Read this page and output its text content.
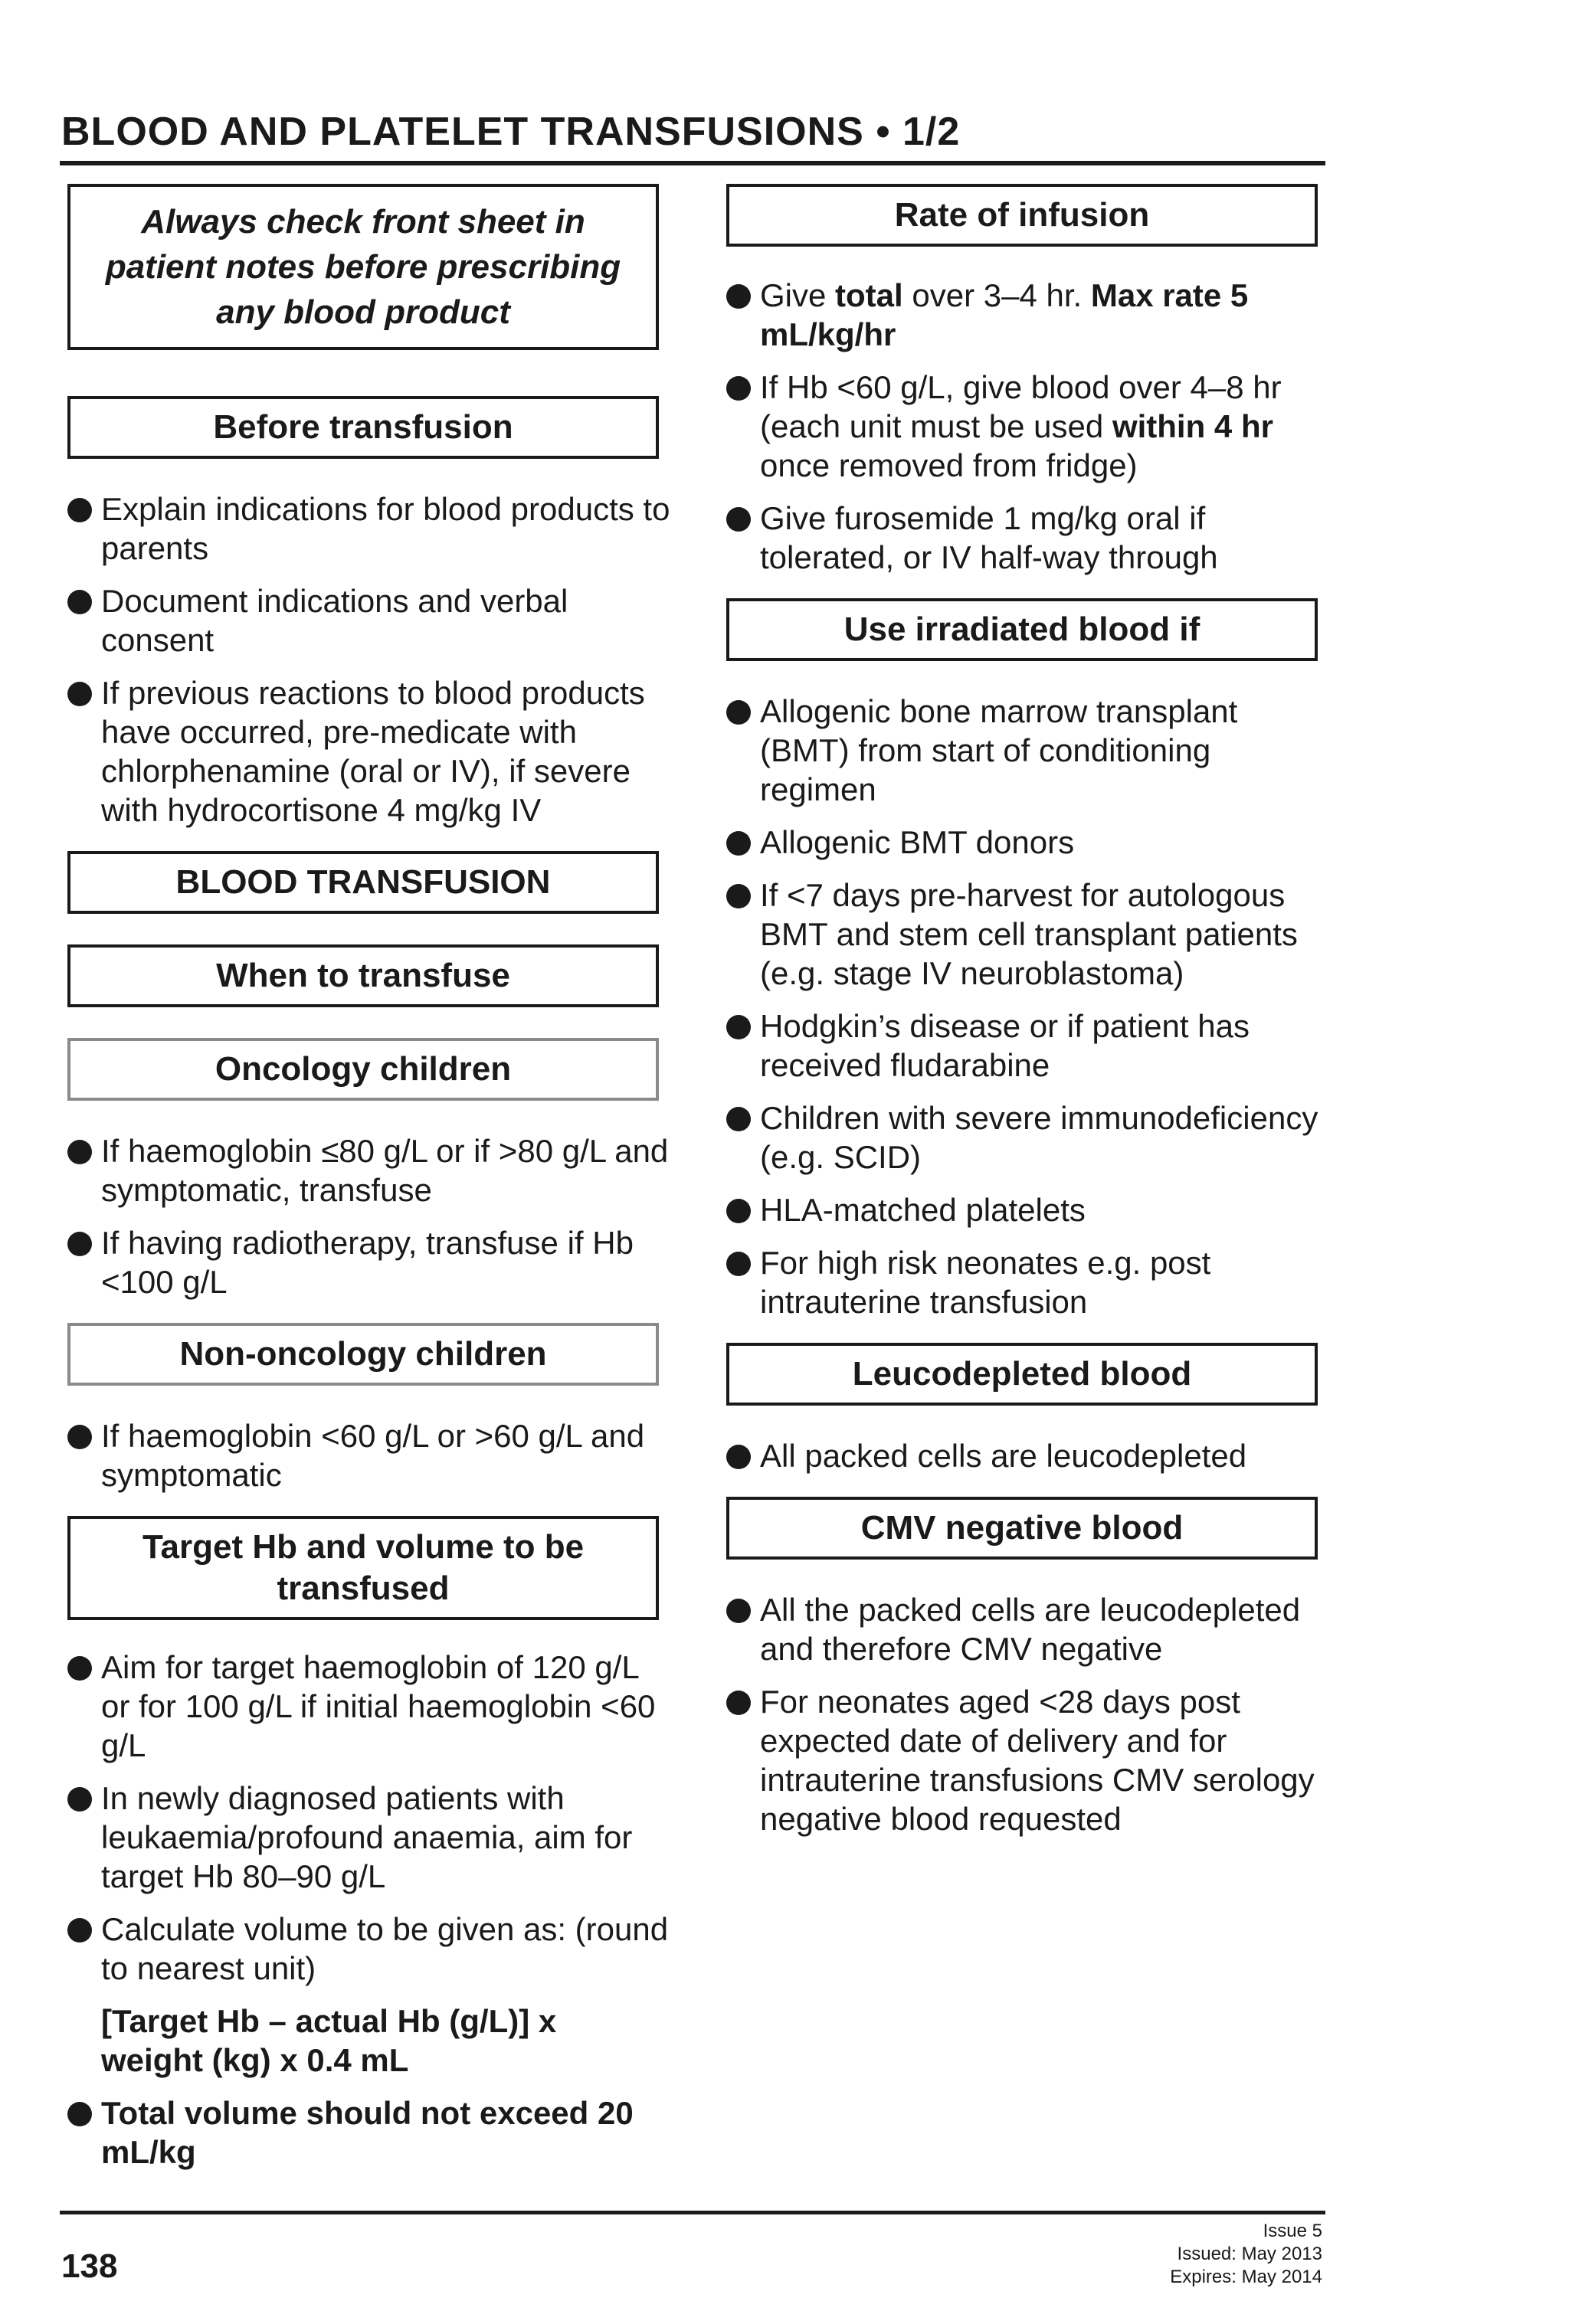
BLOOD AND PLATELET TRANSFUSIONS • 1/2
Always check front sheet in patient notes before prescribing any blood product
Before transfusion
Explain indications for blood products to parents
Document indications and verbal consent
If previous reactions to blood products have occurred, pre-medicate with chlorphenamine (oral or IV), if severe with hydrocortisone 4 mg/kg IV
BLOOD TRANSFUSION
When to transfuse
Oncology children
If haemoglobin ≤80 g/L or if >80 g/L and symptomatic, transfuse
If having radiotherapy, transfuse if Hb <100 g/L
Non-oncology children
If haemoglobin <60 g/L or >60 g/L and symptomatic
Target Hb and volume to be transfused
Aim for target haemoglobin of 120 g/L or for 100 g/L if initial haemoglobin <60 g/L
In newly diagnosed patients with leukaemia/profound anaemia, aim for target Hb 80–90 g/L
Calculate volume to be given as: (round to nearest unit)
[Target Hb – actual Hb (g/L)] x
weight (kg) x 0.4 mL
Total volume should not exceed 20 mL/kg
Rate of infusion
Give total over 3–4 hr. Max rate 5 mL/kg/hr
If Hb <60 g/L, give blood over 4–8 hr (each unit must be used within 4 hr once removed from fridge)
Give furosemide 1 mg/kg oral if tolerated, or IV half-way through
Use irradiated blood if
Allogenic bone marrow transplant (BMT) from start of conditioning regimen
Allogenic BMT donors
If <7 days pre-harvest for autologous BMT and stem cell transplant patients (e.g. stage IV neuroblastoma)
Hodgkin’s disease or if patient has received fludarabine
Children with severe immunodeficiency (e.g. SCID)
HLA-matched platelets
For high risk neonates e.g. post intrauterine transfusion
Leucodepleted blood
All packed cells are leucodepleted
CMV negative blood
All the packed cells are leucodepleted and therefore CMV negative
For neonates aged <28 days post expected date of delivery and for intrauterine transfusions CMV serology negative blood requested
138
Issue 5
Issued: May 2013
Expires: May 2014
